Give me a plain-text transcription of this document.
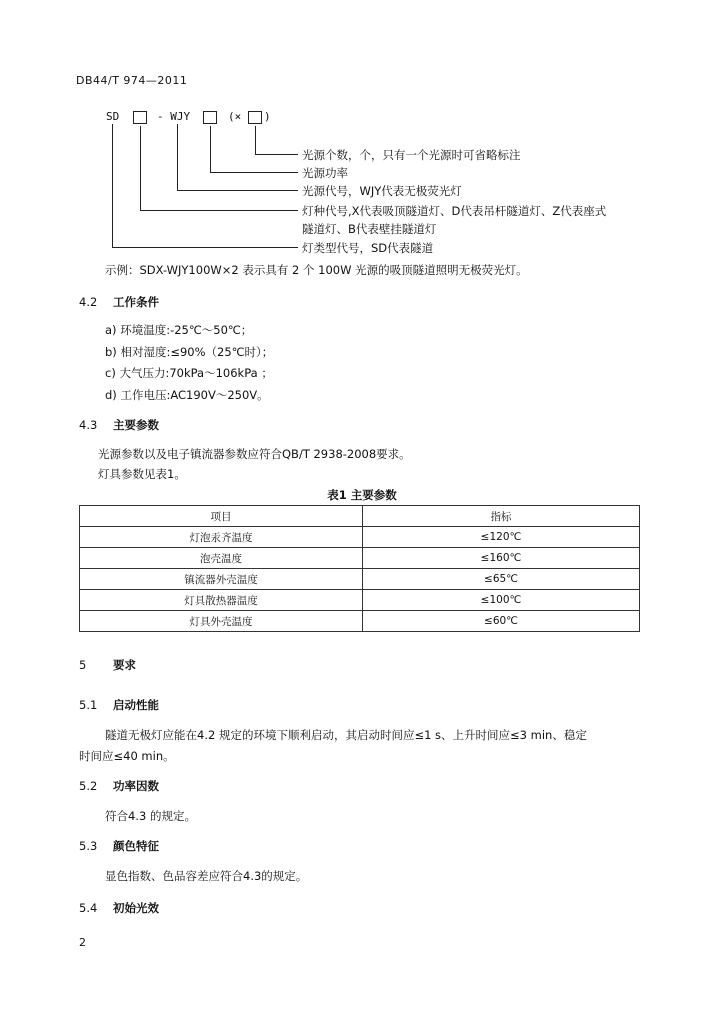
DB44/T 974—2011
SD	- WJY	(× )
光源个数，个，只有一个光源时可省略标注
光源功率
光源代号，WJY代表无极荧光灯
灯种代号,X代表吸顶隧道灯、D代表吊杆隧道灯、Z代表座式
隧道灯、B代表壁挂隧道灯
灯类型代号，SD代表隧道
示例：SDX-WJY100W×2 表示具有 2 个 100W 光源的吸顶隧道照明无极荧光灯。
4.2 工作条件
a) 环境温度:-25℃～50℃；
b) 相对湿度:≤90%（25℃时）；
c) 大气压力:70kPa～106kPa ；
d) 工作电压:AC190V～250V。
4.3 主要参数
光源参数以及电子镇流器参数应符合QB/T 2938-2008要求。
灯具参数见表1。
表1 主要参数
项目	指标
灯泡汞齐温度	≤120℃
泡壳温度	≤160℃
镇流器外壳温度	≤65℃
灯具散热器温度	≤100℃
灯具外壳温度	≤60℃
5 要求
5.1 启动性能
隧道无极灯应能在4.2 规定的环境下顺利启动，其启动时间应≤1 s、上升时间应≤3 min、稳定
时间应≤40 min。
5.2 功率因数
符合4.3 的规定。
5.3 颜色特征
显色指数、色品容差应符合4.3的规定。
5.4 初始光效
2
